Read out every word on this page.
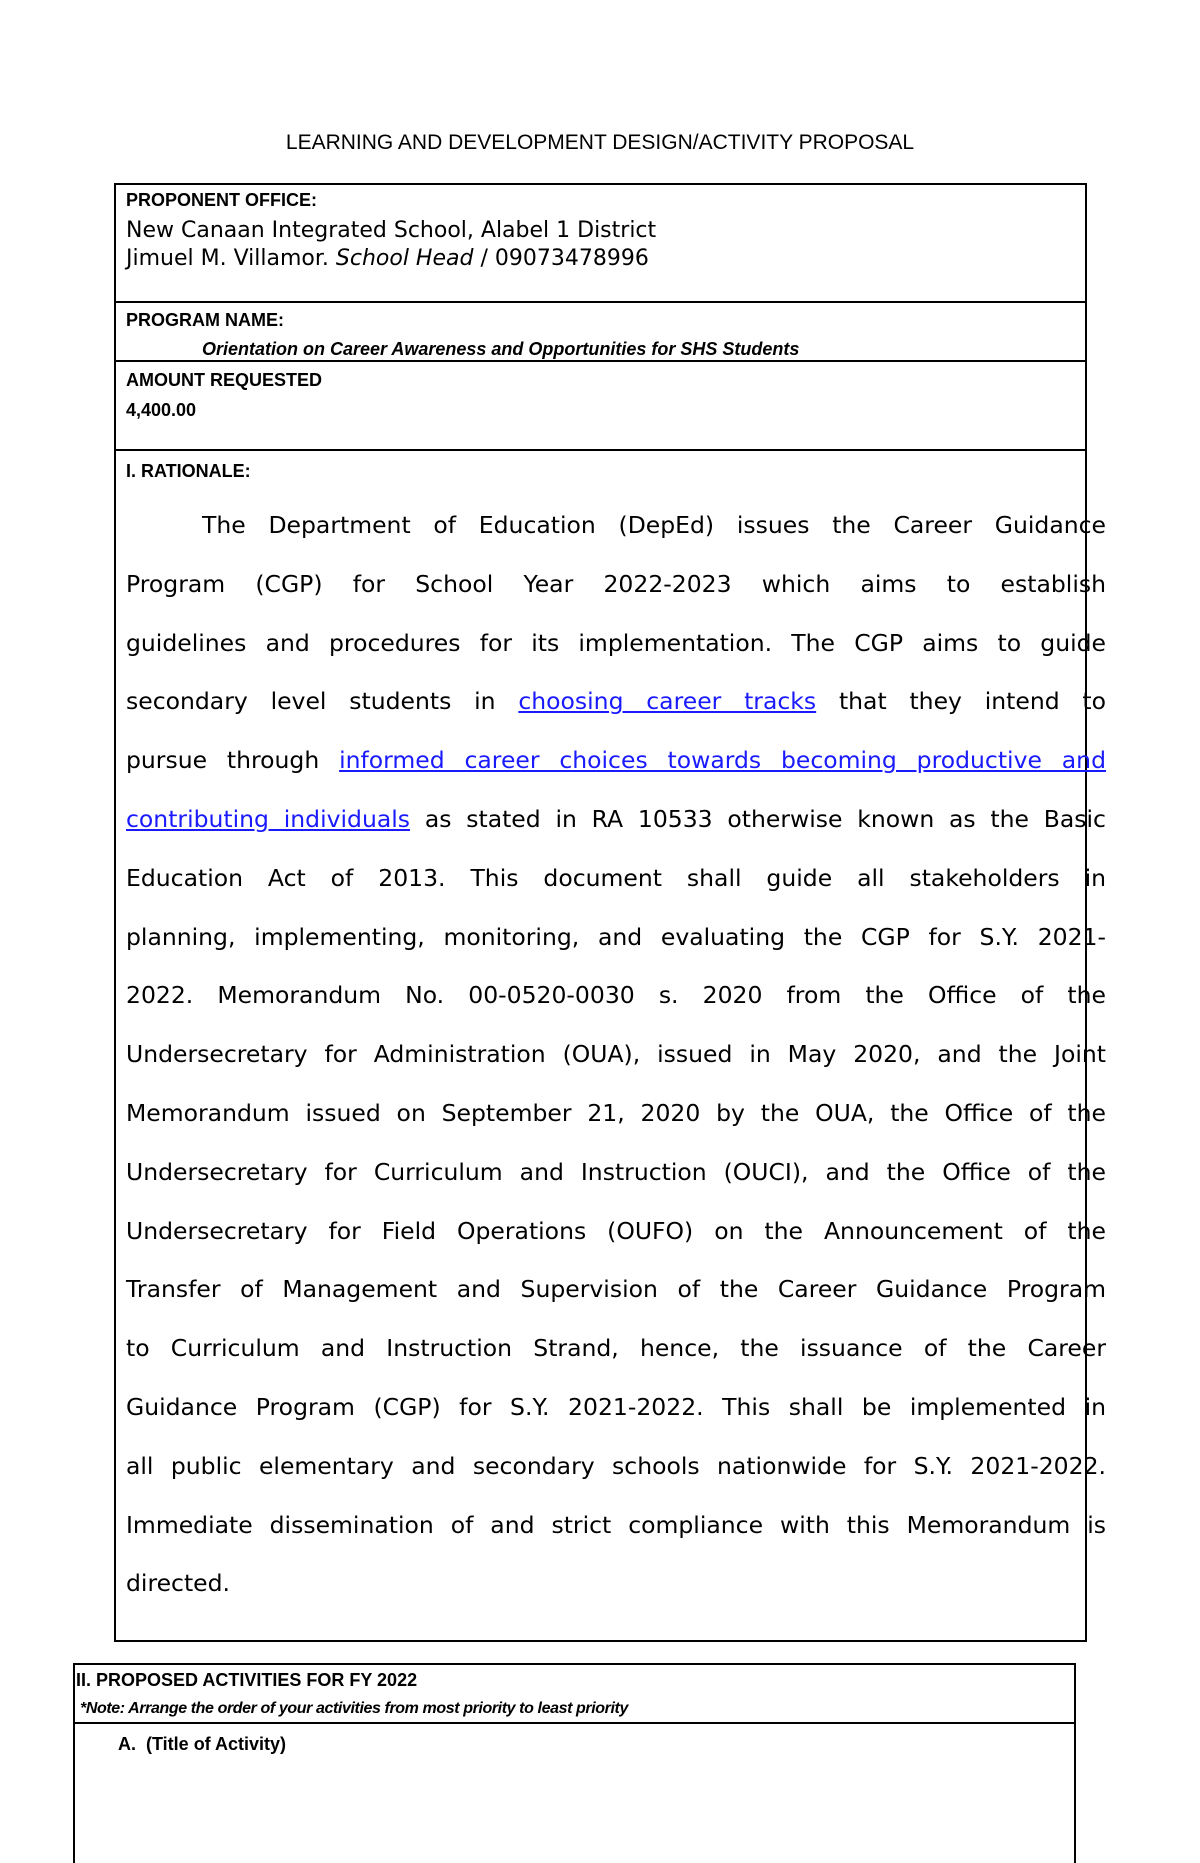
LEARNING AND DEVELOPMENT DESIGN/ACTIVITY PROPOSAL
PROPONENT OFFICE:
New Canaan Integrated School, Alabel 1 District
Jimuel M. Villamor. School Head / 09073478996
PROGRAM NAME:
Orientation on Career Awareness and Opportunities for SHS Students
AMOUNT REQUESTED
4,400.00
I. RATIONALE:
The Department of Education (DepEd) issues the Career Guidance
Program (CGP) for School Year 2022-2023 which aims to establish
guidelines and procedures for its implementation. The CGP aims to guide
secondary level students in choosing career tracks that they intend to
pursue through informed career choices towards becoming productive and
contributing individuals as stated in RA 10533 otherwise known as the Basic
Education Act of 2013. This document shall guide all stakeholders in
planning, implementing, monitoring, and evaluating the CGP for S.Y. 2021-
2022. Memorandum No. 00-0520-0030 s. 2020 from the Office of the
Undersecretary for Administration (OUA), issued in May 2020, and the Joint
Memorandum issued on September 21, 2020 by the OUA, the Office of the
Undersecretary for Curriculum and Instruction (OUCI), and the Office of the
Undersecretary for Field Operations (OUFO) on the Announcement of the
Transfer of Management and Supervision of the Career Guidance Program
to Curriculum and Instruction Strand, hence, the issuance of the Career
Guidance Program (CGP) for S.Y. 2021-2022. This shall be implemented in
all public elementary and secondary schools nationwide for S.Y. 2021-2022.
Immediate dissemination of and strict compliance with this Memorandum is
directed.
II. PROPOSED ACTIVITIES FOR FY 2022
*Note: Arrange the order of your activities from most priority to least priority
A. (Title of Activity)
